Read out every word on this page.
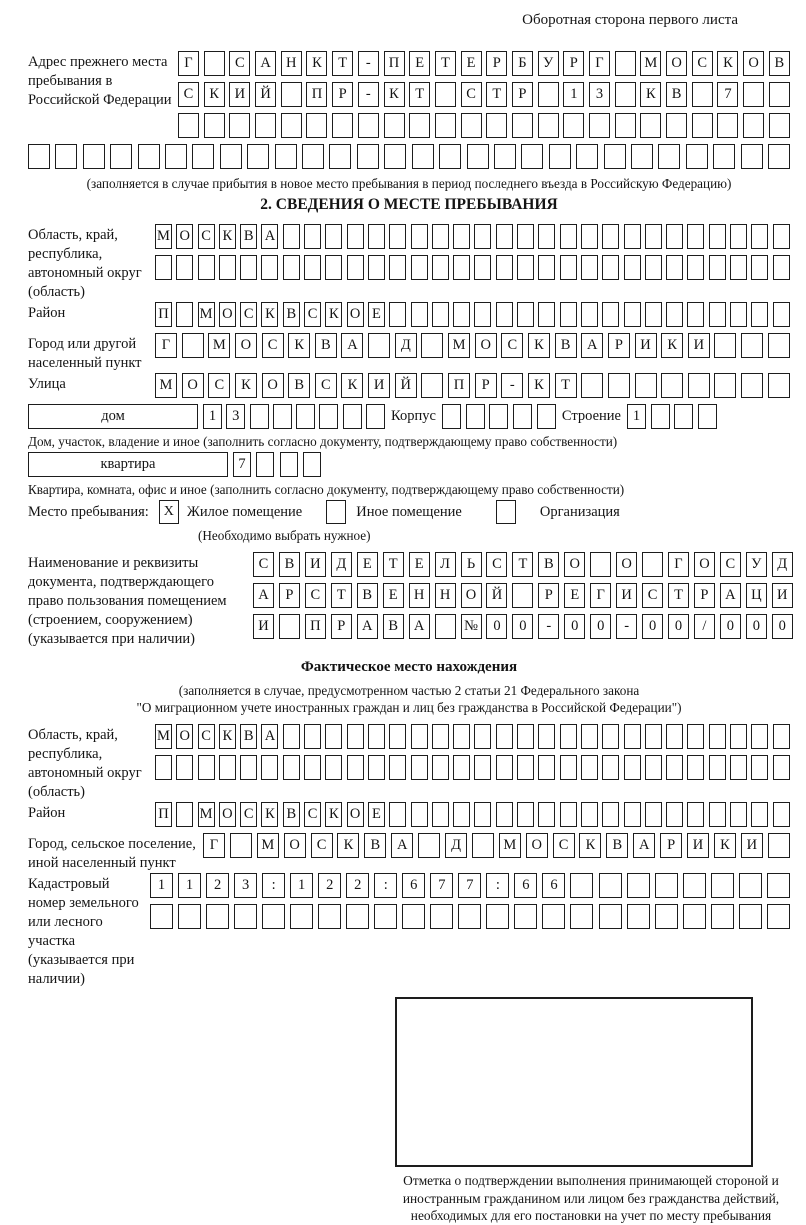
Оборотная сторона первого листа
Адрес прежнего места пребывания в Российской Федерации
Г	С	А	Н	К	Т	-	П	Е	Т	Е	Р	Б	У	Р	Г	М О	С	К	О	В
С	К	И	Й	П	Р	-	К	Т	С	Т	Р	1	3	К	В	7
(заполняется в случае прибытия в новое место пребывания в период последнего въезда в Российскую Федерацию)
2. СВЕДЕНИЯ О МЕСТЕ ПРЕБЫВАНИЯ
Область, край, республика, автономный округ (область)
М О С К В А
Район	П М О С К В С К О Е
Город или другой населенный пункт
Г	М	О	С	К	В	А	Д	М	О	С	К	В	А	Р	И	К	И
Улица	М	О	С	К	О	В	С	К	И	Й	П	Р	-	К	Т
дом	1	3	Корпус	Строение 1
Дом, участок, владение и иное (заполнить согласно документу, подтверждающему право собственности)
квартира	7
Квартира, комната, офис и иное (заполнить согласно документу, подтверждающему право собственности)
Место пребывания:	X Жилое помещение	Иное помещение	Организация
(Необходимо выбрать нужное)
Наименование и реквизиты документа, подтверждающего право пользования помещением (строением, сооружением) (указывается при наличии)
С	В	И	Д	Е	Т	Е	Л	Ь	С	Т	В	О	О	Г	О	С	У	Д
А	Р	С	Т	В	Е	Н	Н	О	Й	Р	Е	Г	И	С	Т	Р	А	Ц	И
И	П	Р	А	В	А	№	0	0	-	0	0	-	0	0	/	0	0	0
Фактическое место нахождения
(заполняется в случае, предусмотренном частью 2 статьи 21 Федерального закона
"О миграционном учете иностранных граждан и лиц без гражданства в Российской Федерации")
Область, край, республика, автономный округ (область)
М О С К В А
Район	П М О С К В С К О Е
Город, сельское поселение, иной населенный пункт
Г	М	О	С	К	В	А	Д	М	О	С	К	В	А	Р	И	К	И
Кадастровый номер земельного или лесного участка (указывается при наличии)
1	1	2	3	:	1	2	2	:	6	7	7	:	6	6
Отметка о подтверждении выполнения принимающей стороной и иностранным гражданином или лицом без гражданства действий, необходимых для его постановки на учет по месту пребывания
